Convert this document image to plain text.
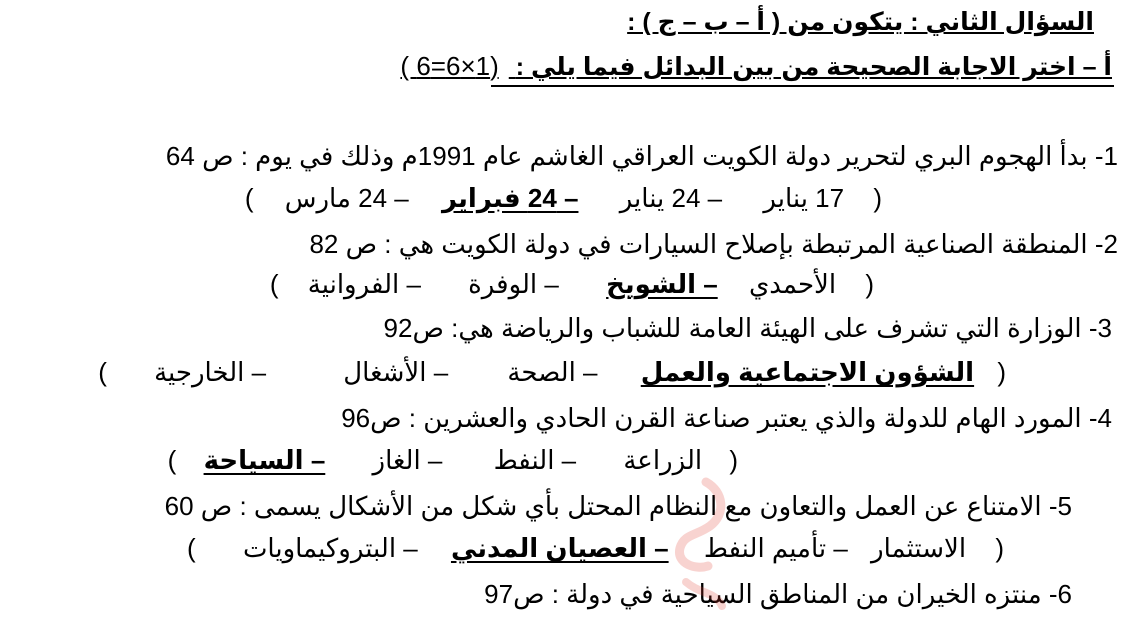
السؤال الثاني : يتكون من ( أ – ب – ج ) :
أ – اختر الاجابة الصحيحة من بين البدائل فيما يلي : (1×6=6 )
1- بدأ الهجوم البري لتحرير دولة الكويت العراقي الغاشم عام 1991م وذلك في يوم : ص 64
( 17 يناير – 24 يناير – 24 فبراير – 24 مارس )
2- المنطقة الصناعية المرتبطة بإصلاح السيارات في دولة الكويت هي : ص 82
( الأحمدي – الشويخ – الوفرة – الفروانية )
3- الوزارة التي تشرف على الهيئة العامة للشباب والرياضة هي: ص92
( الشؤون الاجتماعية والعمل – الصحة – الأشغال – الخارجية )
4- المورد الهام للدولة والذي يعتبر صناعة القرن الحادي والعشرين : ص96
( الزراعة – النفط – الغاز – السياحة )
5- الامتناع عن العمل والتعاون مع النظام المحتل بأي شكل من الأشكال يسمى : ص 60
( الاستثمار – تأميم النفط – العصيان المدني – البتروكيماويات )
6- منتزه الخيران من المناطق السياحية في دولة : ص97
